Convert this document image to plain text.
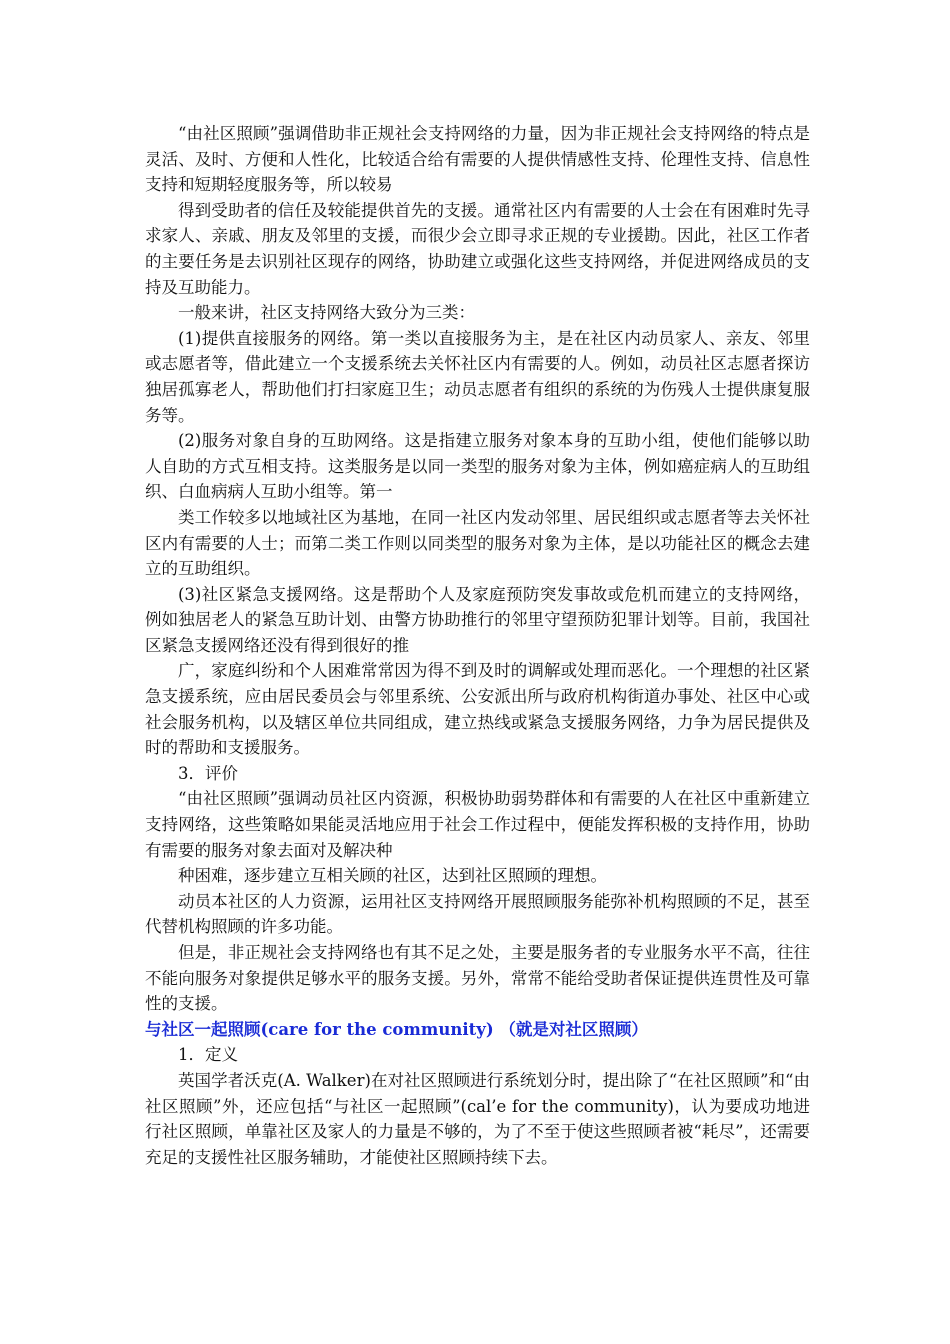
“由社区照顾”强调借助非正规社会支持网络的力量，因为非正规社会支持网络的特点是灵活、及时、方便和人性化，比较适合给有需要的人提供情感性支持、伦理性支持、信息性支持和短期轻度服务等，所以较易

得到受助者的信任及较能提供首先的支援。通常社区内有需要的人士会在有困难时先寻求家人、亲戚、朋友及邻里的支援，而很少会立即寻求正规的专业援勘。因此，社区工作者的主要任务是去识别社区现存的网络，协助建立或强化这些支持网络，并促进网络成员的支持及互助能力。

一般来讲，社区支持网络大致分为三类：

(1)提供直接服务的网络。第一类以直接服务为主，是在社区内动员家人、亲友、邻里或志愿者等，借此建立一个支援系统去关怀社区内有需要的人。例如，动员社区志愿者探访独居孤寡老人，帮助他们打扫家庭卫生；动员志愿者有组织的系统的为伤残人士提供康复服务等。

(2)服务对象自身的互助网络。这是指建立服务对象本身的互助小组，使他们能够以助人自助的方式互相支持。这类服务是以同一类型的服务对象为主体，例如癌症病人的互助组织、白血病病人互助小组等。第一

类工作较多以地域社区为基地，在同一社区内发动邻里、居民组织或志愿者等去关怀社区内有需要的人士；而第二类工作则以同类型的服务对象为主体，是以功能社区的概念去建立的互助组织。

(3)社区紧急支援网络。这是帮助个人及家庭预防突发事故或危机而建立的支持网络，例如独居老人的紧急互助计划、由警方协助推行的邻里守望预防犯罪计划等。目前，我国社区紧急支援网络还没有得到很好的推

广，家庭纠纷和个人困难常常因为得不到及时的调解或处理而恶化。一个理想的社区紧急支援系统，应由居民委员会与邻里系统、公安派出所与政府机构街道办事处、社区中心或社会服务机构，以及辖区单位共同组成，建立热线或紧急支援服务网络，力争为居民提供及时的帮助和支援服务。

3．评价

“由社区照顾”强调动员社区内资源，积极协助弱势群体和有需要的人在社区中重新建立支持网络，这些策略如果能灵活地应用于社会工作过程中，便能发挥积极的支持作用，协助有需要的服务对象去面对及解决种

种困难，逐步建立互相关顾的社区，达到社区照顾的理想。

动员本社区的人力资源，运用社区支持网络开展照顾服务能弥补机构照顾的不足，甚至代替机构照顾的许多功能。

但是，非正规社会支持网络也有其不足之处，主要是服务者的专业服务水平不高，往往不能向服务对象提供足够水平的服务支援。另外，常常不能给受助者保证提供连贯性及可靠性的支援。

与社区一起照顾(care for the community) （就是对社区照顾）

1．定义

英国学者沃克(A. Walker)在对社区照顾进行系统划分时，提出除了“在社区照顾”和“由社区照顾”外，还应包括“与社区一起照顾”(cal’e for the community)，认为要成功地进行社区照顾，单靠社区及家人的力量是不够的，为了不至于使这些照顾者被“耗尽”，还需要充足的支援性社区服务辅助，才能使社区照顾持续下去。
